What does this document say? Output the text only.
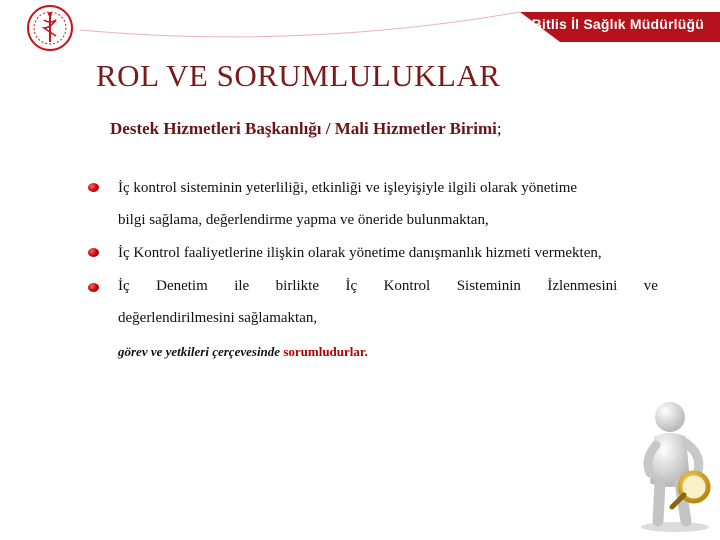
Bitlis İl Sağlık Müdürlüğü
ROL VE SORUMLULUKLAR
Destek Hizmetleri Başkanlığı / Mali Hizmetler Birimi;
İç kontrol sisteminin yeterliliği, etkinliği ve işleyişiyle ilgili olarak yönetime
bilgi sağlama, değerlendirme yapma ve öneride bulunmaktan,
İç Kontrol faaliyetlerine ilişkin olarak yönetime danışmanlık hizmeti vermekten,
İç Denetim ile birlikte İç Kontrol Sisteminin İzlenmesini ve
değerlendirilmesini sağlamaktan,
görev ve yetkileri çerçevesinde sorumludurlar.
